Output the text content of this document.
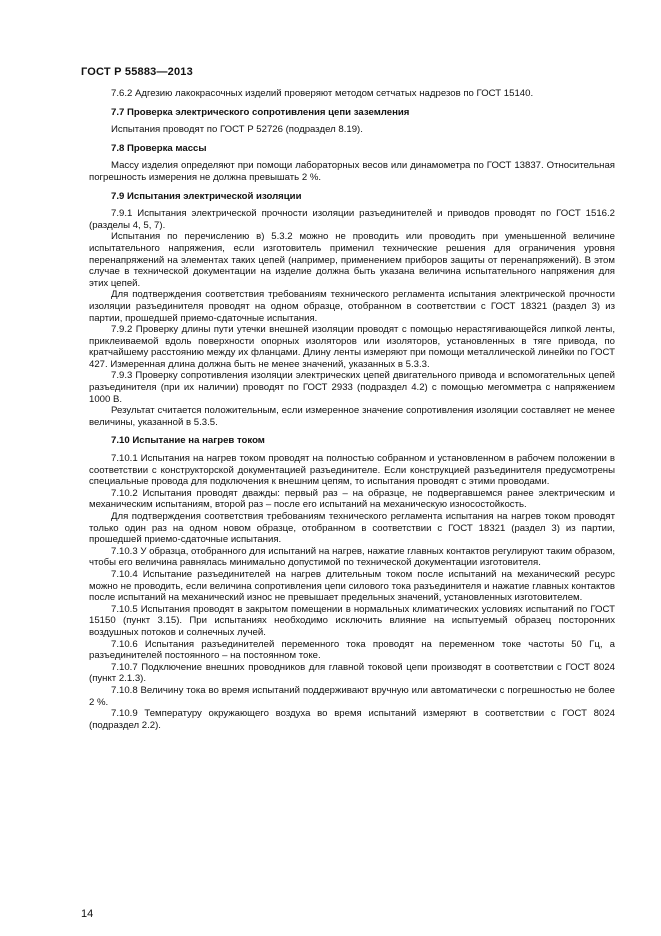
ГОСТ Р 55883—2013

7.6.2 Адгезию лакокрасочных изделий проверяют методом сетчатых надрезов по ГОСТ 15140.

7.7 Проверка электрического сопротивления цепи заземления

Испытания проводят по ГОСТ Р 52726 (подраздел 8.19).

7.8 Проверка массы

Массу изделия определяют при помощи лабораторных весов или динамометра по ГОСТ 13837. Относительная погрешность измерения не должна превышать 2 %.

7.9 Испытания электрической изоляции

7.9.1 Испытания электрической прочности изоляции разъединителей и приводов проводят по ГОСТ 1516.2 (разделы 4, 5, 7).

Испытания по перечислению в) 5.3.2 можно не проводить или проводить при уменьшенной величине испытательного напряжения, если изготовитель применил технические решения для ограничения уровня перенапряжений на элементах таких цепей (например, применением приборов защиты от перенапряжений). В этом случае в технической документации на изделие должна быть указана величина испытательного напряжения для этих цепей.

Для подтверждения соответствия требованиям технического регламента испытания электрической прочности изоляции разъединителя проводят на одном образце, отобранном в соответствии с ГОСТ 18321 (раздел 3) из партии, прошедшей приемо-сдаточные испытания.

7.9.2 Проверку длины пути утечки внешней изоляции проводят с помощью нерастягивающейся липкой ленты, приклеиваемой вдоль поверхности опорных изоляторов или изоляторов, установленных в тяге привода, по кратчайшему расстоянию между их фланцами. Длину ленты измеряют при помощи металлической линейки по ГОСТ 427. Измеренная длина должна быть не менее значений, указанных в 5.3.3.

7.9.3 Проверку сопротивления изоляции электрических цепей двигательного привода и вспомогательных цепей разъединителя (при их наличии) проводят по ГОСТ 2933 (подраздел 4.2) с помощью мегомметра с напряжением 1000 В.

Результат считается положительным, если измеренное значение сопротивления изоляции составляет не менее величины, указанной в 5.3.5.

7.10 Испытание на нагрев током

7.10.1 Испытания на нагрев током проводят на полностью собранном и установленном в рабочем положении в соответствии с конструкторской документацией разъединителе. Если конструкцией разъединителя предусмотрены специальные провода для подключения к внешним цепям, то испытания проводят с этими проводами.

7.10.2 Испытания проводят дважды: первый раз – на образце, не подвергавшемся ранее электрическим и механическим испытаниям, второй раз – после его испытаний на механическую износостойкость.

Для подтверждения соответствия требованиям технического регламента испытания на нагрев током проводят только один раз на одном новом образце, отобранном в соответствии с ГОСТ 18321 (раздел 3) из партии, прошедшей приемо-сдаточные испытания.

7.10.3 У образца, отобранного для испытаний на нагрев, нажатие главных контактов регулируют таким образом, чтобы его величина равнялась минимально допустимой по технической документации изготовителя.

7.10.4 Испытание разъединителей на нагрев длительным током после испытаний на механический ресурс можно не проводить, если величина сопротивления цепи силового тока разъединителя и нажатие главных контактов после испытаний на механический износ не превышает предельных значений, установленных изготовителем.

7.10.5 Испытания проводят в закрытом помещении в нормальных климатических условиях испытаний по ГОСТ 15150 (пункт 3.15). При испытаниях необходимо исключить влияние на испытуемый образец посторонних воздушных потоков и солнечных лучей.

7.10.6 Испытания разъединителей переменного тока проводят на переменном токе частоты 50 Гц, а разъединителей постоянного – на постоянном токе.

7.10.7 Подключение внешних проводников для главной токовой цепи производят в соответствии с ГОСТ 8024 (пункт 2.1.3).

7.10.8 Величину тока во время испытаний поддерживают вручную или автоматически с погрешностью не более 2 %.

7.10.9 Температуру окружающего воздуха во время испытаний измеряют в соответствии с ГОСТ 8024 (подраздел 2.2).

14
